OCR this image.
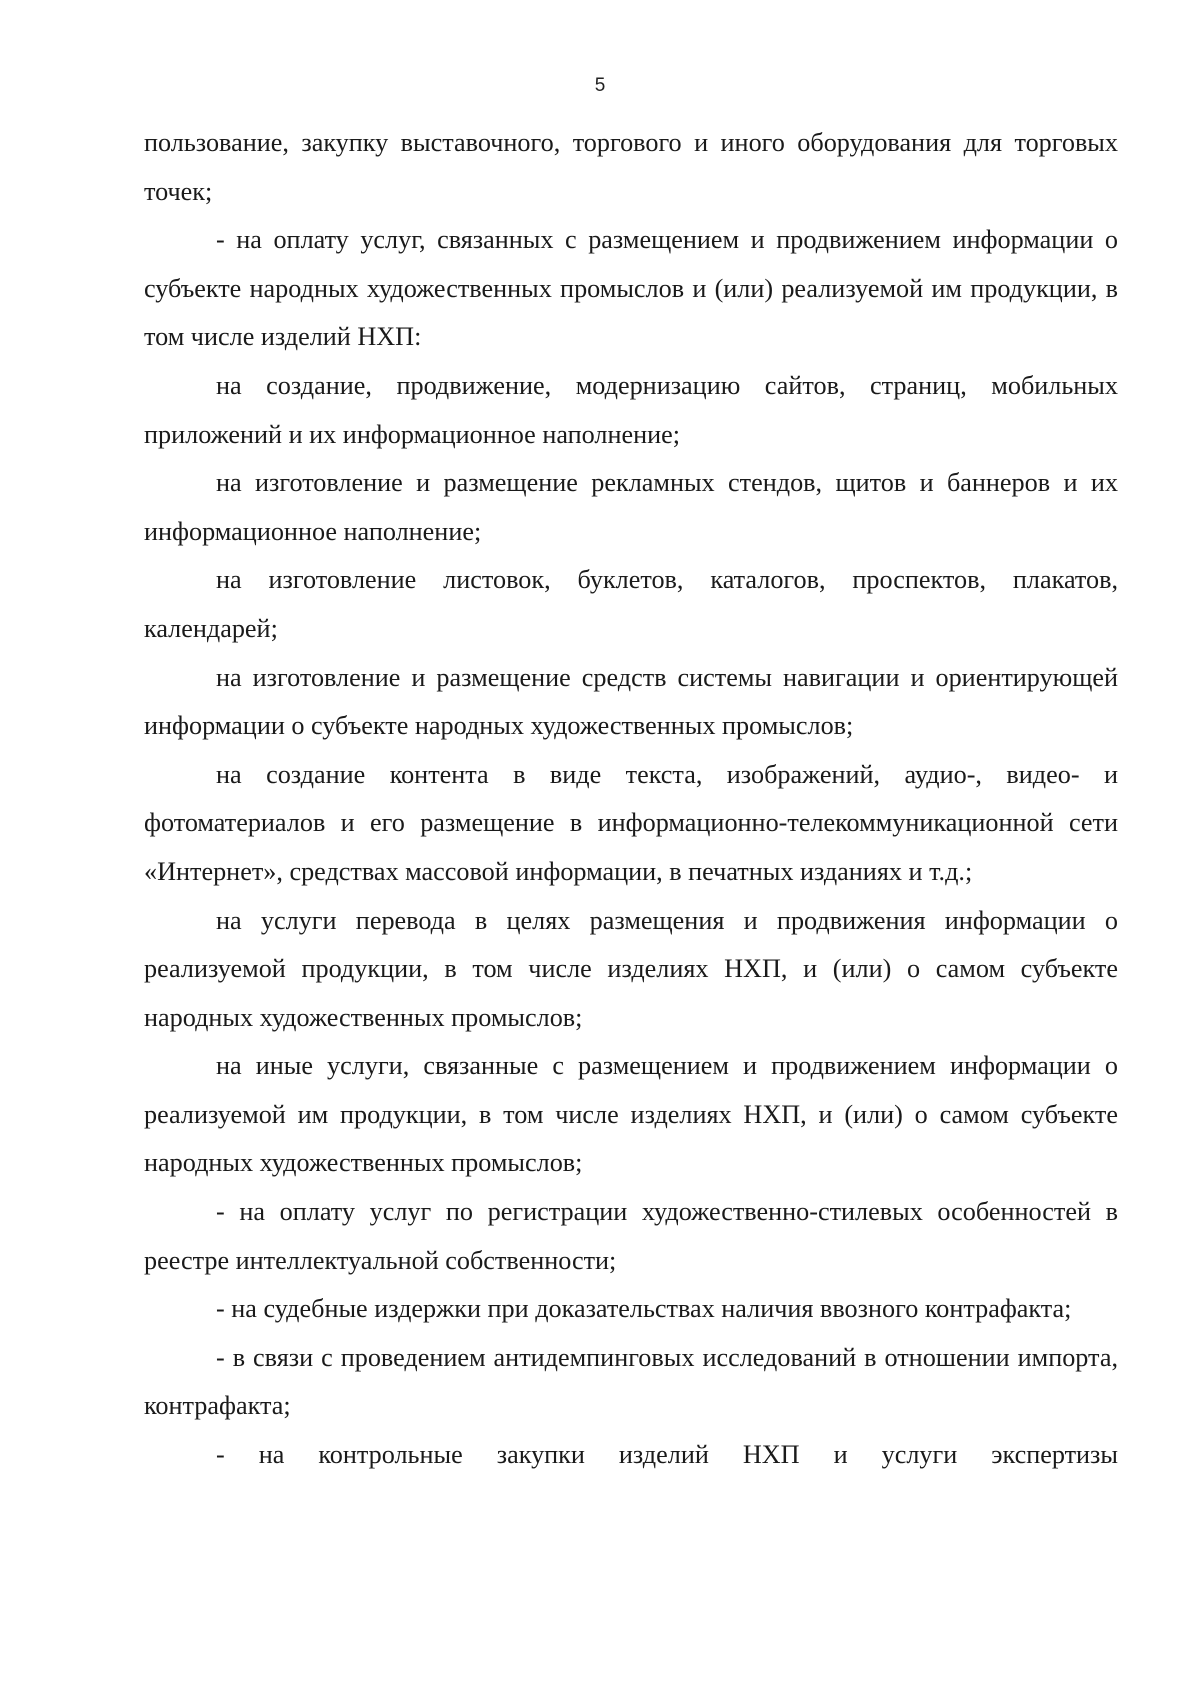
5

пользование, закупку выставочного, торгового и иного оборудования для торговых точек;

- на оплату услуг, связанных с размещением и продвижением информации о субъекте народных художественных промыслов и (или) реализуемой им продукции, в том числе изделий НХП:

на создание, продвижение, модернизацию сайтов, страниц, мобильных приложений и их информационное наполнение;

на изготовление и размещение рекламных стендов, щитов и баннеров и их информационное наполнение;

на изготовление листовок, буклетов, каталогов, проспектов, плакатов, календарей;

на изготовление и размещение средств системы навигации и ориентирующей информации о субъекте народных художественных промыслов;

на создание контента в виде текста, изображений, аудио-, видео- и фотоматериалов и его размещение в информационно-телекоммуникационной сети «Интернет», средствах массовой информации, в печатных изданиях и т.д.;

на услуги перевода в целях размещения и продвижения информации о реализуемой продукции, в том числе изделиях НХП, и (или) о самом субъекте народных художественных промыслов;

на иные услуги, связанные с размещением и продвижением информации о реализуемой им продукции, в том числе изделиях НХП, и (или) о самом субъекте народных художественных промыслов;

- на оплату услуг по регистрации художественно-стилевых особенностей в реестре интеллектуальной собственности;

- на судебные издержки при доказательствах наличия ввозного контрафакта;

- в связи с проведением антидемпинговых исследований в отношении импорта, контрафакта;

- на контрольные закупки изделий НХП и услуги экспертизы
